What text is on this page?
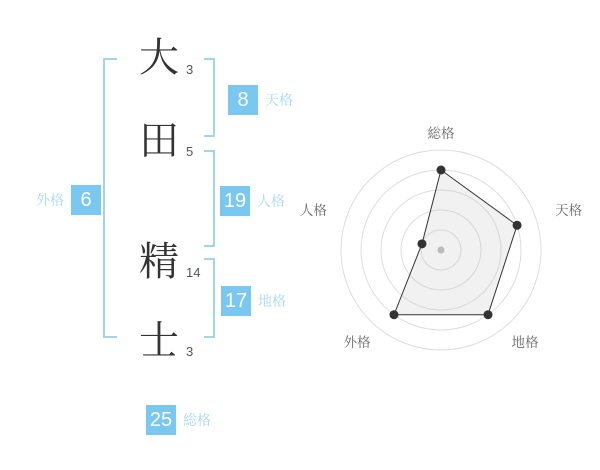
大
田
精
士
3
5
14
3
8	天格
19 人格
17 地格
外格 6
25 総格
総格
天格
地格
外格
人格
